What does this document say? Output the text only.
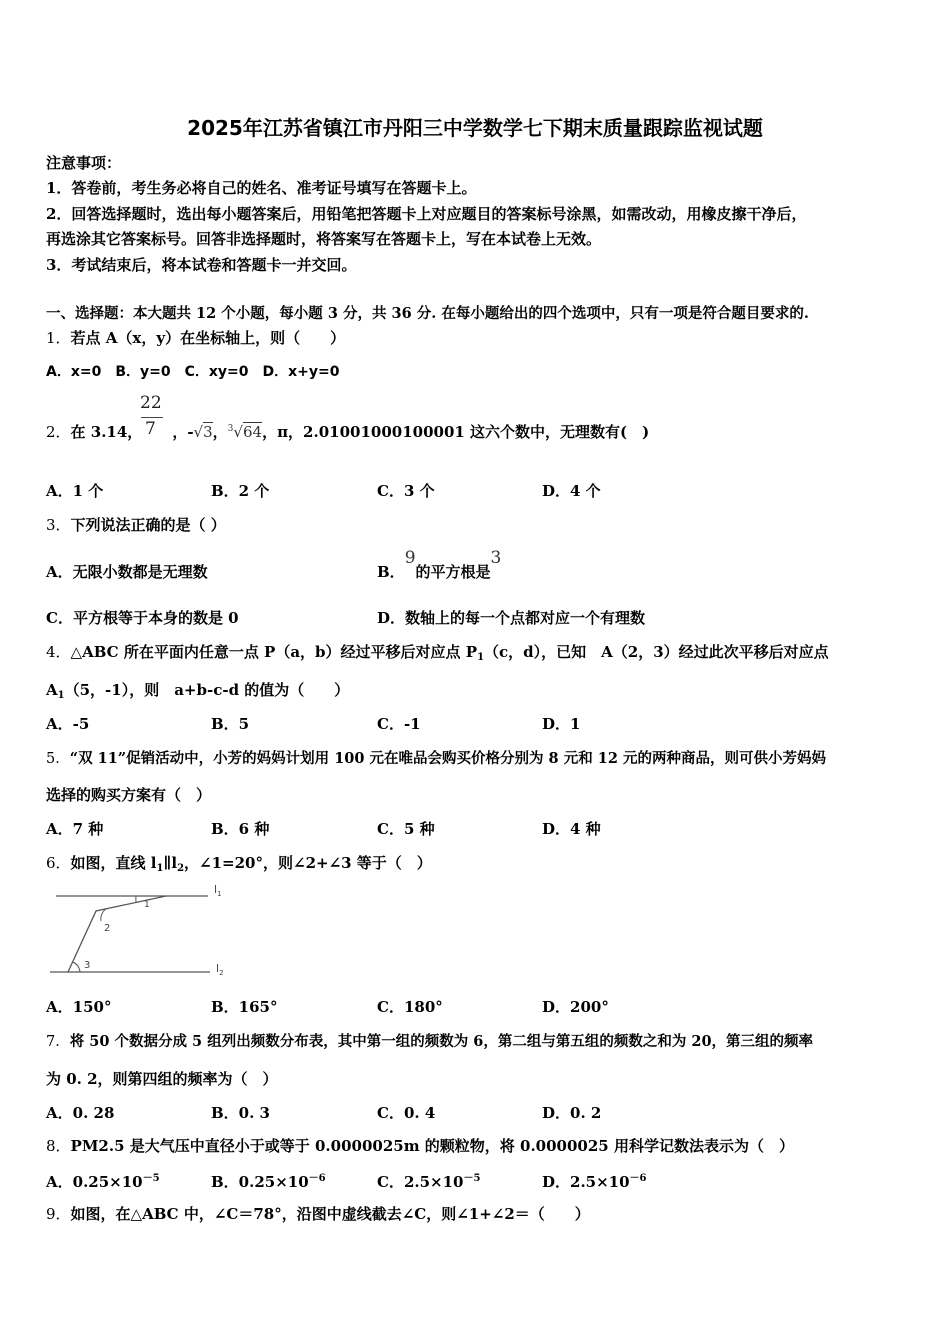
2025年江苏省镇江市丹阳三中学数学七下期末质量跟踪监视试题
注意事项：
1．答卷前，考生务必将自己的姓名、准考证号填写在答题卡上。
2．回答选择题时，选出每小题答案后，用铅笔把答题卡上对应题目的答案标号涂黑，如需改动，用橡皮擦干净后，
再选涂其它答案标号。回答非选择题时，将答案写在答题卡上，写在本试卷上无效。
3．考试结束后，将本试卷和答题卡一并交回。
一、选择题：本大题共 12 个小题，每小题 3 分，共 36 分. 在每小题给出的四个选项中，只有一项是符合题目要求的.
1．若点 A（x，y）在坐标轴上，则（　　）
A．x=0　B．y=0　C．xy=0　D．x+y=0
22
7
2．在 3.14， ，-√3，$^3$√64，π，2.01001000100001 这六个数中，无理数有(　)
A．1 个	B．2 个	C．3 个	D．4 个
3．下列说法正确的是（ ）
A．无限小数都是无理数	B．9的平方根是3
C．平方根等于本身的数是 0	D．数轴上的每一个点都对应一个有理数
4．△ABC 所在平面内任意一点 P（a，b）经过平移后对应点 $P_1(c$，d），已知　A（2，3）经过此次平移后对应点
$A_1(5$，-1），则　a+b-c-d 的值为（　　）
A．-5	B．5	C．-1	D．1
5．“双 11”促销活动中，小芳的妈妈计划用 100 元在唯品会购买价格分别为 8 元和 12 元的两种商品，则可供小芳妈妈
选择的购买方案有（　）
A．7 种	B．6 种	C．5 种	D．4 种
6．如图，直线 $l_1\parallel l_2$，∠1=20°，则∠2+∠3 等于（　）
$l_1$
$l_2$
1
2
3
A．150°	B．165°	C．180°	D．200°
7．将 50 个数据分成 5 组列出频数分布表，其中第一组的频数为 6，第二组与第五组的频数之和为 20，第三组的频率
为 0. 2，则第四组的频率为（　）
A．0. 28	B．0. 3	C．0. 4	D．0. 2
8．PM2.5 是大气压中直径小于或等于 0.0000025m 的颗粒物，将 0.0000025 用科学记数法表示为（　）
A．$0.25\times 10^{-5}$	B．$0.25\times 10^{-6}$	C．$2.5\times 10^{-5}$	D．$2.5\times 10^{-6}$
9．如图，在△ABC 中，∠C＝78°，沿图中虚线截去∠C，则∠1+∠2＝（　　）
